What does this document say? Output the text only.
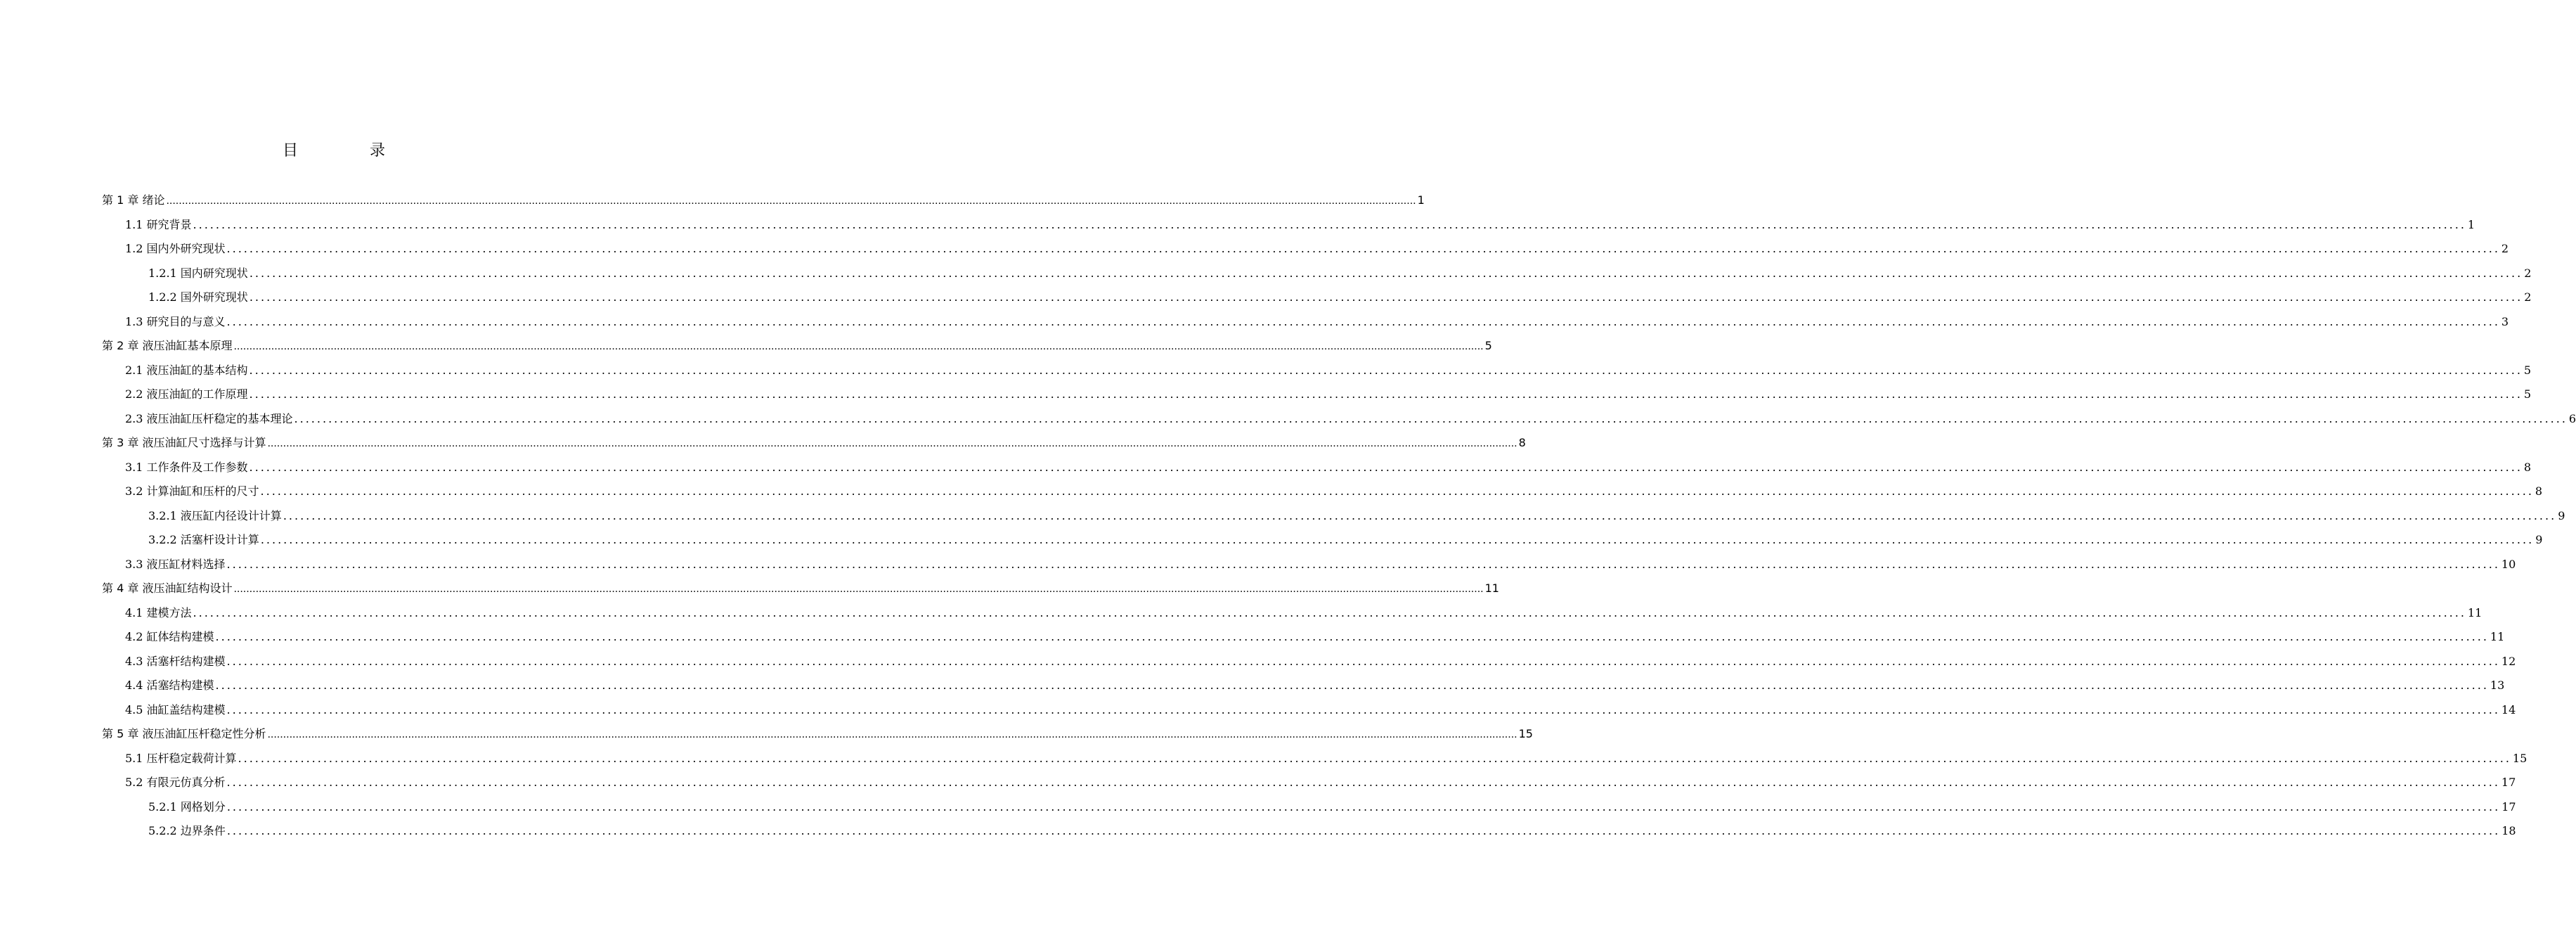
目　录
第 1 章 绪论 ................................................................................................................................................................................................................................................................................................................................................................................................................ 1
1.1 研究背景 ................................................................................................................................................................................................................................................................................................................................................................................................................ 1
1.2 国内外研究现状 ................................................................................................................................................................................................................................................................................................................................................................................................................ 2
1.2.1 国内研究现状 ................................................................................................................................................................................................................................................................................................................................................................................................................ 2
1.2.2 国外研究现状 ................................................................................................................................................................................................................................................................................................................................................................................................................ 2
1.3 研究目的与意义 ................................................................................................................................................................................................................................................................................................................................................................................................................ 3
第 2 章 液压油缸基本原理 ................................................................................................................................................................................................................................................................................................................................................................................................................ 5
2.1 液压油缸的基本结构 ................................................................................................................................................................................................................................................................................................................................................................................................................ 5
2.2 液压油缸的工作原理 ................................................................................................................................................................................................................................................................................................................................................................................................................ 5
2.3 液压油缸压杆稳定的基本理论 ................................................................................................................................................................................................................................................................................................................................................................................................................ 6
第 3 章 液压油缸尺寸选择与计算 ................................................................................................................................................................................................................................................................................................................................................................................................................ 8
3.1 工作条件及工作参数 ................................................................................................................................................................................................................................................................................................................................................................................................................ 8
3.2 计算油缸和压杆的尺寸 ................................................................................................................................................................................................................................................................................................................................................................................................................ 8
3.2.1 液压缸内径设计计算 ................................................................................................................................................................................................................................................................................................................................................................................................................ 9
3.2.2 活塞杆设计计算 ................................................................................................................................................................................................................................................................................................................................................................................................................ 9
3.3 液压缸材料选择 ................................................................................................................................................................................................................................................................................................................................................................................................................ 10
第 4 章 液压油缸结构设计 ................................................................................................................................................................................................................................................................................................................................................................................................................ 11
4.1 建模方法 ................................................................................................................................................................................................................................................................................................................................................................................................................ 11
4.2 缸体结构建模 ................................................................................................................................................................................................................................................................................................................................................................................................................ 11
4.3 活塞杆结构建模 ................................................................................................................................................................................................................................................................................................................................................................................................................ 12
4.4 活塞结构建模 ................................................................................................................................................................................................................................................................................................................................................................................................................ 13
4.5 油缸盖结构建模 ................................................................................................................................................................................................................................................................................................................................................................................................................ 14
第 5 章 液压油缸压杆稳定性分析 ................................................................................................................................................................................................................................................................................................................................................................................................................ 15
5.1 压杆稳定载荷计算 ................................................................................................................................................................................................................................................................................................................................................................................................................ 15
5.2 有限元仿真分析 ................................................................................................................................................................................................................................................................................................................................................................................................................ 17
5.2.1 网格划分 ................................................................................................................................................................................................................................................................................................................................................................................................................ 17
5.2.2 边界条件 ................................................................................................................................................................................................................................................................................................................................................................................................................ 18
